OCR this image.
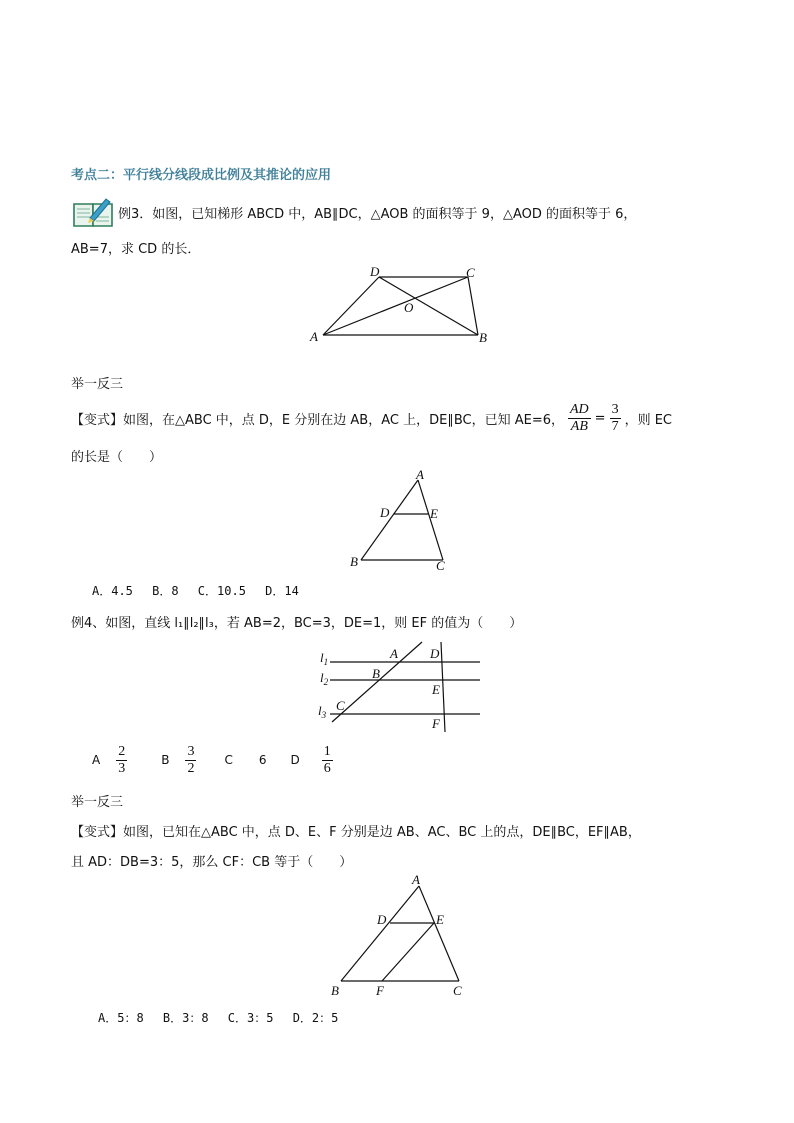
考点二：平行线分线段成比例及其推论的应用
例3．如图，已知梯形 ABCD 中，AB∥DC，△AOB 的面积等于 9，△AOD 的面积等于 6，
AB=7，求 CD 的长．
D	C
O
A	B
举一反三
【变式】如图，在△ABC 中，点 D，E 分别在边 AB，AC 上，DE∥BC，已知 AE=6， $\frac{AD}{AB} = \frac{3}{7}$ ，则 EC
的长是（　　）
A
D	E
B	C
A．4.5　 B．8　 C．10.5　 D．14
例4、如图，直线 l₁∥l₂∥l₃，若 AB=2，BC=3，DE=1，则 EF 的值为（　　）
$l_1$
$l_2$
$l_3$
A D
B
E
C
F
A $\frac{2}{3}$	B $\frac{3}{2}$ C 6 D $\frac{1}{6}$
举一反三
【变式】如图，已知在△ABC 中，点 D、E、F 分别是边 AB、AC、BC 上的点，DE∥BC，EF∥AB，
且 AD：DB=3：5，那么 CF：CB 等于（　　）
A
D	E
B	F	C
A．5：8　 B．3：8　 C．3：5　 D．2：5
